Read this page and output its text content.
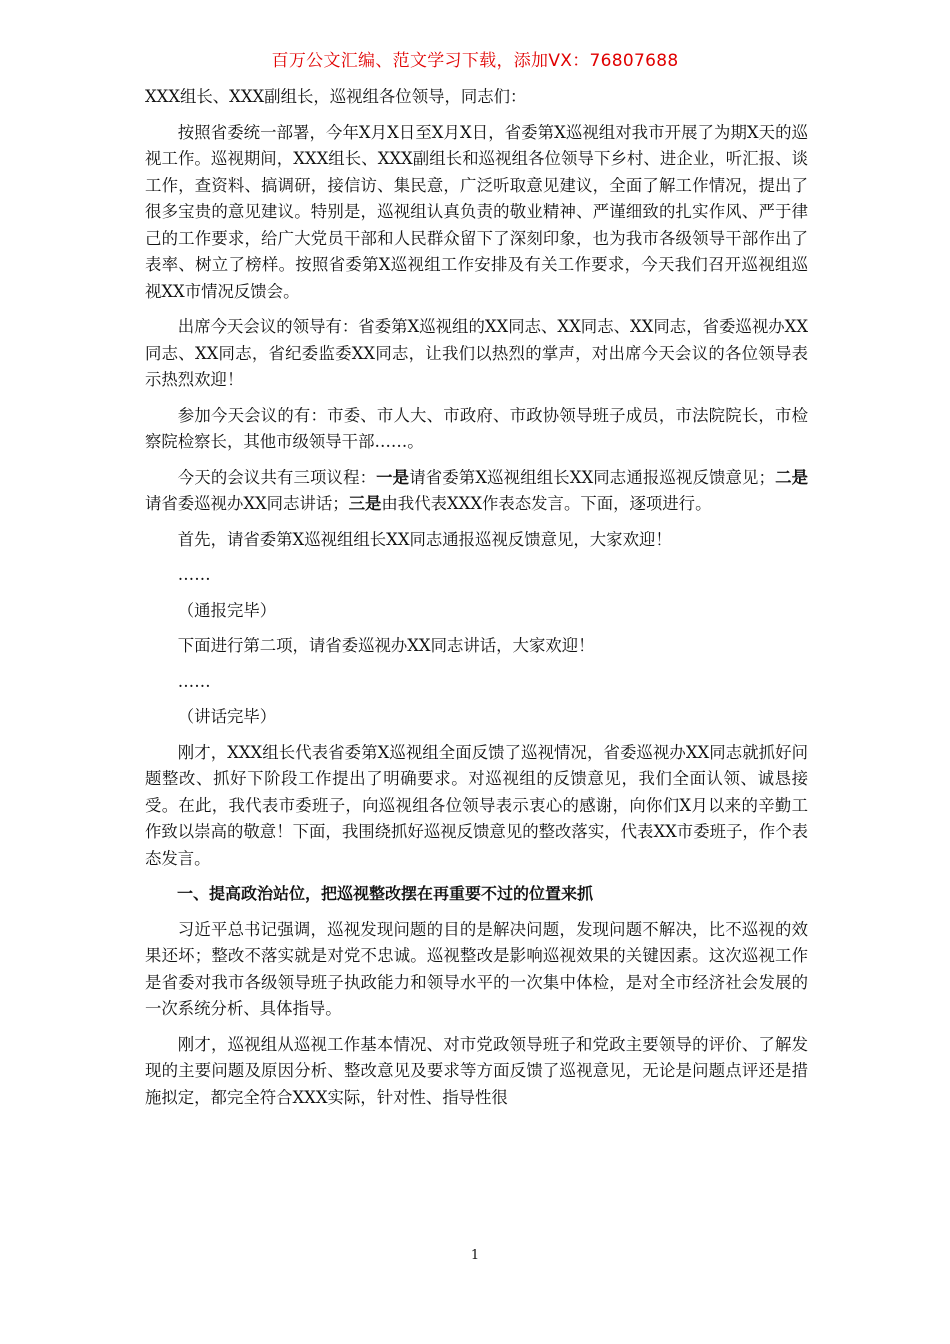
百万公文汇编、范文学习下载，添加VX：76807688

XXX组长、XXX副组长，巡视组各位领导，同志们：

按照省委统一部署，今年X月X日至X月X日，省委第X巡视组对我市开展了为期X天的巡视工作。巡视期间，XXX组长、XXX副组长和巡视组各位领导下乡村、进企业，听汇报、谈工作，查资料、搞调研，接信访、集民意，广泛听取意见建议，全面了解工作情况，提出了很多宝贵的意见建议。特别是，巡视组认真负责的敬业精神、严谨细致的扎实作风、严于律己的工作要求，给广大党员干部和人民群众留下了深刻印象，也为我市各级领导干部作出了表率、树立了榜样。按照省委第X巡视组工作安排及有关工作要求，今天我们召开巡视组巡视XX市情况反馈会。

出席今天会议的领导有：省委第X巡视组的XX同志、XX同志、XX同志，省委巡视办XX同志、XX同志，省纪委监委XX同志，让我们以热烈的掌声，对出席今天会议的各位领导表示热烈欢迎！

参加今天会议的有：市委、市人大、市政府、市政协领导班子成员，市法院院长，市检察院检察长，其他市级领导干部……。

今天的会议共有三项议程：一是请省委第X巡视组组长XX同志通报巡视反馈意见；二是请省委巡视办XX同志讲话；三是由我代表XXX作表态发言。下面，逐项进行。

首先，请省委第X巡视组组长XX同志通报巡视反馈意见，大家欢迎！

……

（通报完毕）

下面进行第二项，请省委巡视办XX同志讲话，大家欢迎！

……

（讲话完毕）

刚才，XXX组长代表省委第X巡视组全面反馈了巡视情况，省委巡视办XX同志就抓好问题整改、抓好下阶段工作提出了明确要求。对巡视组的反馈意见，我们全面认领、诚恳接受。在此，我代表市委班子，向巡视组各位领导表示衷心的感谢，向你们X月以来的辛勤工作致以崇高的敬意！下面，我围绕抓好巡视反馈意见的整改落实，代表XX市委班子，作个表态发言。

一、提高政治站位，把巡视整改摆在再重要不过的位置来抓

习近平总书记强调，巡视发现问题的目的是解决问题，发现问题不解决，比不巡视的效果还坏；整改不落实就是对党不忠诚。巡视整改是影响巡视效果的关键因素。这次巡视工作是省委对我市各级领导班子执政能力和领导水平的一次集中体检，是对全市经济社会发展的一次系统分析、具体指导。

刚才，巡视组从巡视工作基本情况、对市党政领导班子和党政主要领导的评价、了解发现的主要问题及原因分析、整改意见及要求等方面反馈了巡视意见，无论是问题点评还是措施拟定，都完全符合XXX实际，针对性、指导性很

1
